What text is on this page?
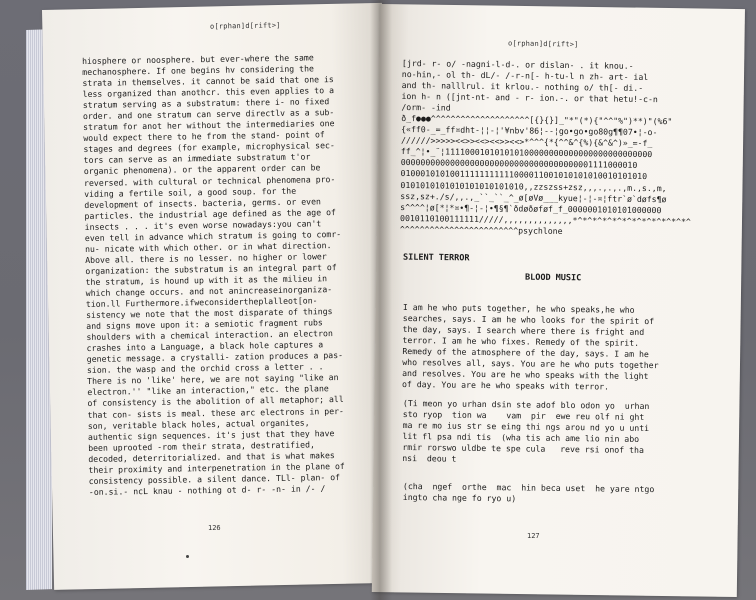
o[rphan]d[rift>]
o[rphan]d[rift>]
hiosphere or noosphere. but ever-where the same
mechanosphere. If one begins hv considering the
strata in themselves. it cannot be said that one is
less organized than anothcr. this even applies to a
stratum serving as a substratum: there i- no fixed
order. and one stratum can serve directlv as a sub-
stratum for anot her without the intermediaries one
would expect there to he from the stand- point of
stages and degrees (for example, microphysical sec-
tors can serve as an immediate substratum t'or
organic phenomena). or the apparent order can be
reversed. with cultural or technical phenomena pro-
viding a fertile soil, a good soup. for the
development of insects. bacteria, germs. or even
particles. the industrial age defined as the age of
insects . . . it's even worse nowadays:you can't
even tell in advance which stratum is going to comr-
nu- nicate with which other. or in what direction.
Above all. there is no lesser. no higher or lower
organization: the substratum is an integral part of
the stratum, is hound up with it as the milieu in
which change occurs. and not anincreaseinorganiza-
tion.ll Furthermore.ifweconsidertheplalleot[on-
sistency we note that the most disparate of things
and signs move upon it: a semiotic fragment rubs
shoulders with a chemical interaction. an electron
crashes into a Language, a black hole captures a
genetic message. a crystalli- zation produces a pas-
sion. the wasp and the orchid cross a letter . .
There is no 'like' here, we are not saying "like an
electron.'' "like an interaction," etc. the plane
of consistency is the abolition of all metaphor; all
that con- sists is meal. these arc electrons in per-
son, veritable black holes, actual organites,
authentic sign sequences. it's just that they have
been uprooted -rom their strata, destratified,
decoded, deterritorialized. and that is what makes
their proximity and interpenetration in the plane of
consistency possible. a silent dance. TLl- plan- of
-on.si.- ncL knau - nothing ot d- r- -n- in /- /
[jrd- r- o/ -nagni-l-d-. or dislan- . it knou.-
no-hin,- ol th- dL/- /-r-n[- h-tu-l n zh- art- ial
and th- nalllrul. it krlou.- nothing o/ th[- di.-
ion h- n ([jnt-nt- and - r- ion.-. or that hetu!-c-n
/orm- -ind
ð_f●●●^^^^^^^^^^^^^^^^^^^^[{}{}]_"*"(*){"^^"%")**)"(%6"
{«ff0-_=_ff¤dht-¦¦-¦'¥nbv'86¦--¦go•go•go80g¶¶07•¦-o-
//////>>>>><<>><<><<>><<>*^^^{*{^^&^{%){&^&^)»_=-f_
ff_^¦•_¨¦111100010101010100000000000000000000000000
000000000000000000000000000000000000001111000010
01000101010011111111111000011001010101010010101010
0101010101010101010101010,,zzszss+zsz,,,.,.,.,m.,s.,m,
ssz,sz+./s/,,.,_``_``_^_ø[øVø___kyue¦-¦-¤¦ftr`ø`døfs¶ø
s^^^^¦ø[*¦*¤•¶-¦-¦•¶§¶`ðdøðøføf_f_0000001010101000000
0010110100111111/////,,,,,,,,,,,,,,*^*^*^*^*^*^*^*^*^*^*^*^
^^^^^^^^^^^^^^^^^^^^^^^^psychlone
SILENT TERROR
BLOOD MUSIC
I am he who puts together, he who speaks,he who
searches, says. I am he who looks for the spirit of
the day, says. I search where there is fright and
terror. I am he who fixes. Remedy of the spirit.
Remedy of the atmosphere of the day, says. I am he
who resolves all, says. You are he who puts together
and resolves. You are he who speaks with the light
of day. You are he who speaks with terror.
(Ti meon yo urhan dsin ste adof blo odon yo  urhan
sto ryop  tion wa    vam  pir  ewe reu olf ni ght
ma re mo ius str se eing thi ngs arou nd yo u unti
lit fl psa ndi tis  (wha tis ach ame lio nin abo
rmir rorswo uldbe te spe cula   reve rsi onof tha
nsi  deou t
(cha  ngef  orthe  mac  hin beca uset  he yare ntgo
ingto cha nge fo ryo u)
126
127
